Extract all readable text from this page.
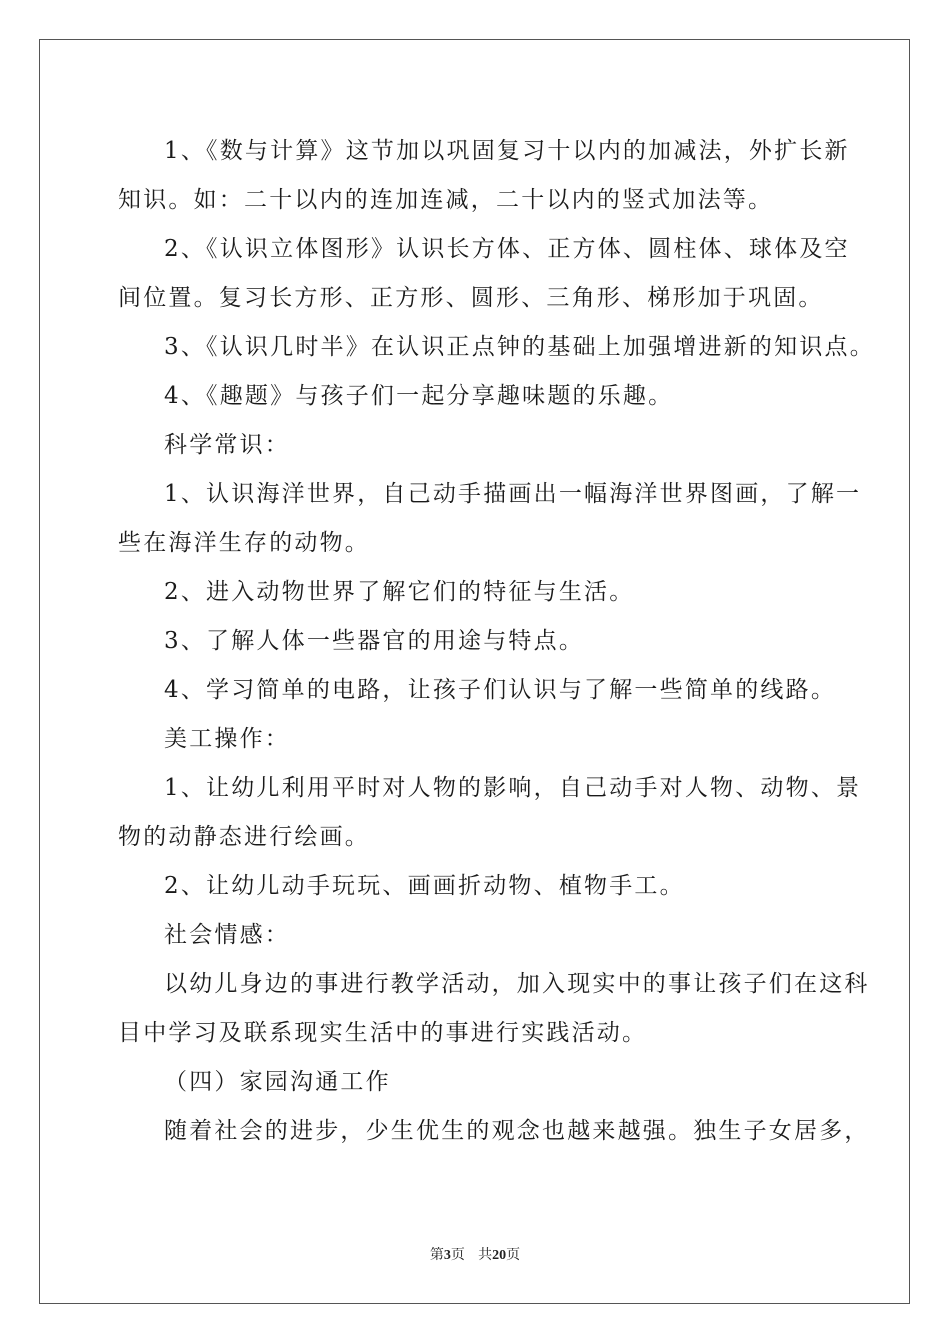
1、《数与计算》这节加以巩固复习十以内的加减法，外扩长新

知识。如：二十以内的连加连减，二十以内的竖式加法等。

2、《认识立体图形》认识长方体、正方体、圆柱体、球体及空

间位置。复习长方形、正方形、圆形、三角形、梯形加于巩固。

3、《认识几时半》在认识正点钟的基础上加强增进新的知识点。

4、《趣题》与孩子们一起分享趣味题的乐趣。

科学常识：

1、认识海洋世界，自己动手描画出一幅海洋世界图画，了解一

些在海洋生存的动物。

2、进入动物世界了解它们的特征与生活。

3、了解人体一些器官的用途与特点。

4、学习简单的电路，让孩子们认识与了解一些简单的线路。

美工操作：

1、让幼儿利用平时对人物的影响，自己动手对人物、动物、景

物的动静态进行绘画。

2、让幼儿动手玩玩、画画折动物、植物手工。

社会情感：

以幼儿身边的事进行教学活动，加入现实中的事让孩子们在这科

目中学习及联系现实生活中的事进行实践活动。

（四）家园沟通工作

随着社会的进步，少生优生的观念也越来越强。独生子女居多，

第3页 共20页
